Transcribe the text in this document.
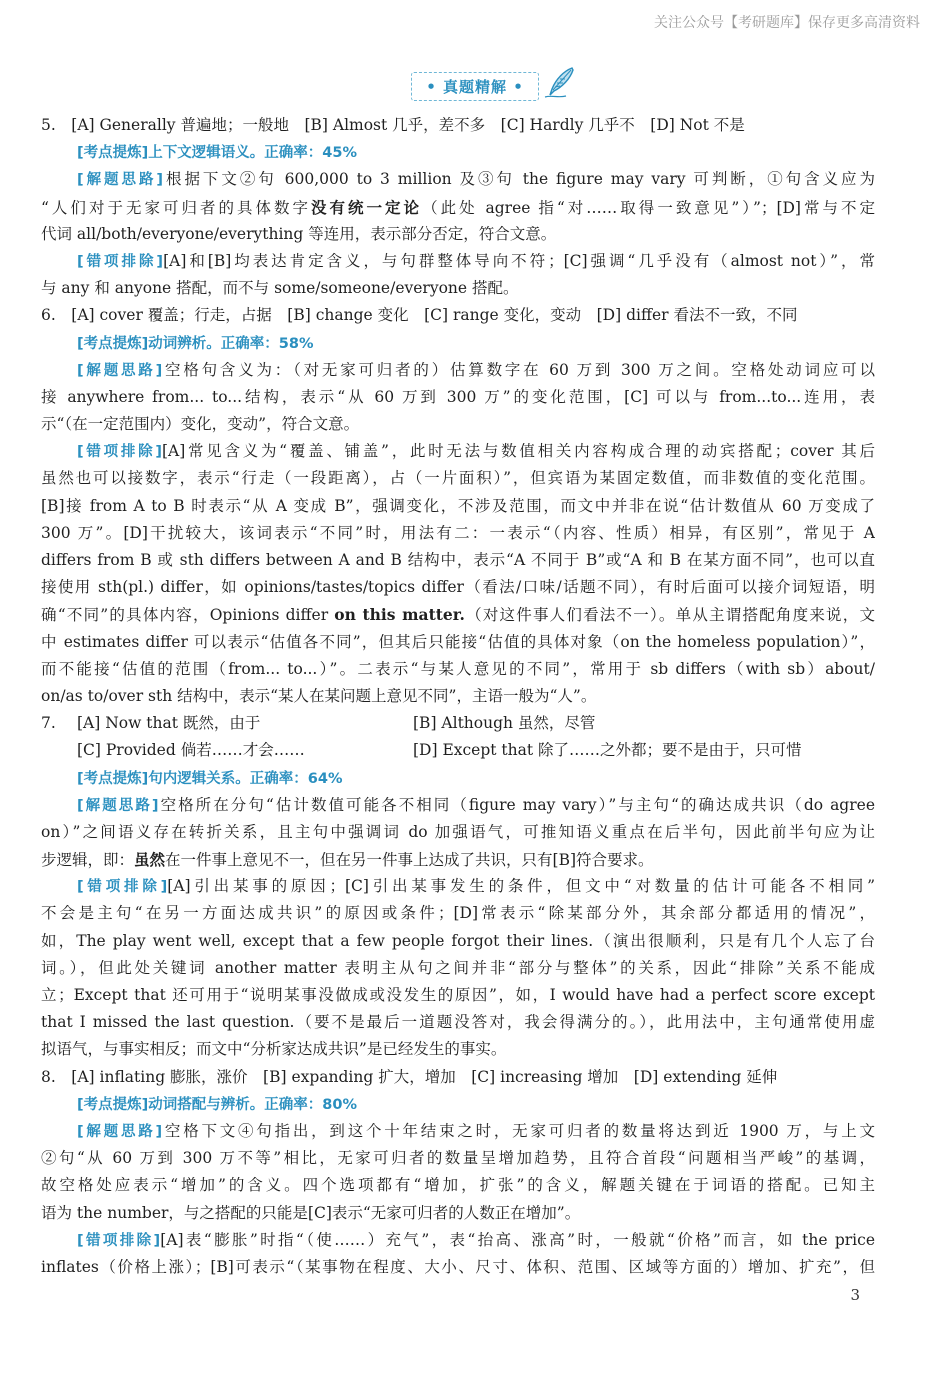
关注公众号【考研题库】保存更多高清资料
• 真题精解 •
5.　[A] Generally 普遍地；一般地　[B] Almost 几乎，差不多　[C] Hardly 几乎不　[D] Not 不是
[考点提炼]上下文逻辑语义。正确率：45%
[解题思路]根据下文②句 600,000 to 3 million 及③句 the figure may vary 可判断，①句含义应为
“人们对于无家可归者的具体数字没有统一定论（此处 agree 指“对……取得一致意见”）”；[D]常与不定
代词 all/both/everyone/everything 等连用，表示部分否定，符合文意。
[错项排除][A]和[B]均表达肯定含义，与句群整体导向不符；[C]强调“几乎没有（almost not）”，常
与 any 和 anyone 搭配，而不与 some/someone/everyone 搭配。
6.　[A] cover 覆盖；行走，占据　[B] change 变化　[C] range 变化，变动　[D] differ 看法不一致，不同
[考点提炼]动词辨析。正确率：58%
[解题思路]空格句含义为：（对无家可归者的）估算数字在 60 万到 300 万之间。空格处动词应可以
接 anywhere from... to...结构，表示“从 60 万到 300 万”的变化范围，[C] 可以与 from...to...连用，表
示“（在一定范围内）变化，变动”，符合文意。
[错项排除][A]常见含义为“覆盖、铺盖”，此时无法与数值相关内容构成合理的动宾搭配；cover 其后
虽然也可以接数字，表示“行走（一段距离），占（一片面积）”，但宾语为某固定数值，而非数值的变化范围。
[B]接 from A to B 时表示“从 A 变成 B”，强调变化，不涉及范围，而文中并非在说“估计数值从 60 万变成了
300 万”。[D]干扰较大，该词表示“不同”时，用法有二：一表示“（内容、性质）相异，有区别”，常见于 A
differs from B 或 sth differs between A and B 结构中，表示“A 不同于 B”或“A 和 B 在某方面不同”，也可以直
接使用 sth(pl.) differ，如 opinions/tastes/topics differ（看法/口味/话题不同），有时后面可以接介词短语，明
确“不同”的具体内容，Opinions differ on this matter.（对这件事人们看法不一）。单从主谓搭配角度来说，文
中 estimates differ 可以表示“估值各不同”，但其后只能接“估值的具体对象（on the homeless population）”，
而不能接“估值的范围（from... to...）”。二表示“与某人意见的不同”，常用于 sb differs（with sb）about/
on/as to/over sth 结构中，表示“某人在某问题上意见不同”，主语一般为“人”。
7. [A] Now that 既然，由于	[B] Although 虽然，尽管
[C] Provided 倘若……才会……	[D] Except that 除了……之外都；要不是由于，只可惜
[考点提炼]句内逻辑关系。正确率：64%
[解题思路]空格所在分句“估计数值可能各不相同（figure may vary）”与主句“的确达成共识（do agree
on）”之间语义存在转折关系，且主句中强调词 do 加强语气，可推知语义重点在后半句，因此前半句应为让
步逻辑，即：虽然在一件事上意见不一，但在另一件事上达成了共识，只有[B]符合要求。
[错项排除][A]引出某事的原因；[C]引出某事发生的条件，但文中“对数量的估计可能各不相同”
不会是主句“在另一方面达成共识”的原因或条件；[D]常表示“除某部分外，其余部分都适用的情况”，
如，The play went well, except that a few people forgot their lines.（演出很顺利，只是有几个人忘了台
词。），但此处关键词 another matter 表明主从句之间并非“部分与整体”的关系，因此“排除”关系不能成
立；Except that 还可用于“说明某事没做成或没发生的原因”，如，I would have had a perfect score except
that I missed the last question.（要不是最后一道题没答对，我会得满分的。），此用法中，主句通常使用虚
拟语气，与事实相反；而文中“分析家达成共识”是已经发生的事实。
8.　[A] inflating 膨胀，涨价　[B] expanding 扩大，增加　[C] increasing 增加　[D] extending 延伸
[考点提炼]动词搭配与辨析。正确率：80%
[解题思路]空格下文④句指出，到这个十年结束之时，无家可归者的数量将达到近 1900 万，与上文
②句“从 60 万到 300 万不等”相比，无家可归者的数量呈增加趋势，且符合首段“问题相当严峻”的基调，
故空格处应表示“增加”的含义。四个选项都有“增加，扩张”的含义，解题关键在于词语的搭配。已知主
语为 the number，与之搭配的只能是[C]表示“无家可归者的人数正在增加”。
[错项排除][A]表“膨胀”时指“（使……）充气”，表“抬高、涨高”时，一般就“价格”而言，如 the price
inflates（价格上涨）；[B]可表示“（某事物在程度、大小、尺寸、体积、范围、区域等方面的）增加、扩充”，但
3
